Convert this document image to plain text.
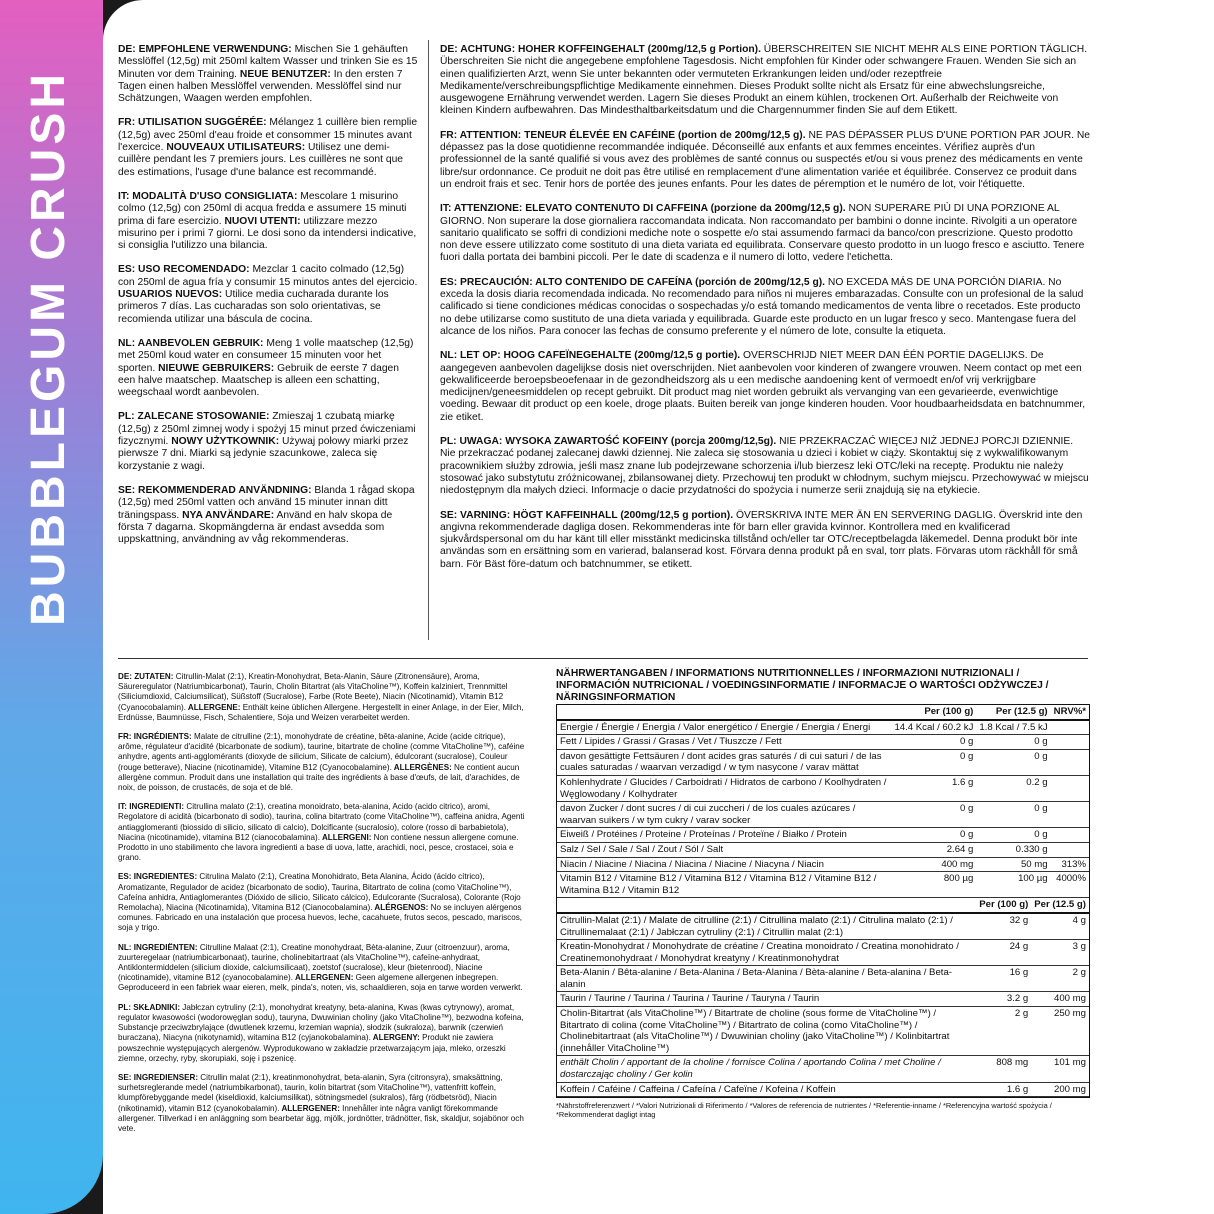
BUBBLEGUM CRUSH
DE: EMPFOHLENE VERWENDUNG: Mischen Sie 1 gehäuften Messlöffel (12,5g) mit 250ml kaltem Wasser und trinken Sie es 15 Minuten vor dem Training. NEUE BENUTZER: In den ersten 7 Tagen einen halben Messlöffel verwenden. Messlöffel sind nur Schätzungen, Waagen werden empfohlen.
FR: UTILISATION SUGGÉRÉE: Mélangez 1 cuillère bien remplie (12,5g) avec 250ml d'eau froide et consommer 15 minutes avant l'exercice. NOUVEAUX UTILISATEURS: Utilisez une demi-cuillère pendant les 7 premiers jours. Les cuillères ne sont que des estimations, l'usage d'une balance est recommandé.
IT: MODALITÀ D'USO CONSIGLIATA: Mescolare 1 misurino colmo (12,5g) con 250ml di acqua fredda e assumere 15 minuti prima di fare esercizio. NUOVI UTENTI: utilizzare mezzo misurino per i primi 7 giorni. Le dosi sono da intendersi indicative, si consiglia l'utilizzo una bilancia.
ES: USO RECOMENDADO: Mezclar 1 cacito colmado (12,5g) con 250ml de agua fría y consumir 15 minutos antes del ejercicio. USUARIOS NUEVOS: Utilice media cucharada durante los primeros 7 días. Las cucharadas son solo orientativas, se recomienda utilizar una báscula de cocina.
NL: AANBEVOLEN GEBRUIK: Meng 1 volle maatschep (12,5g) met 250ml koud water en consumeer 15 minuten voor het sporten. NIEUWE GEBRUIKERS: Gebruik de eerste 7 dagen een halve maatschep. Maatschep is alleen een schatting, weegschaal wordt aanbevolen.
PL: ZALECANE STOSOWANIE: Zmieszaj 1 czubatą miarkę (12,5g) z 250ml zimnej wody i spożyj 15 minut przed ćwiczeniami fizycznymi. NOWY UŻYTKOWNIK: Używaj połowy miarki przez pierwsze 7 dni. Miarki są jedynie szacunkowe, zaleca się korzystanie z wagi.
SE: REKOMMENDERAD ANVÄNDNING: Blanda 1 rågad skopa (12,5g) med 250ml vatten och använd 15 minuter innan ditt träningspass. NYA ANVÄNDARE: Använd en halv skopa de första 7 dagarna. Skopmängderna är endast avsedda som uppskattning, användning av våg rekommenderas.
DE: ACHTUNG: HOHER KOFFEINGEHALT (200mg/12,5 g Portion). ÜBERSCHREITEN SIE NICHT MEHR ALS EINE PORTION TÄGLICH. Überschreiten Sie nicht die angegebene empfohlene Tagesdosis. Nicht empfohlen für Kinder oder schwangere Frauen. Wenden Sie sich an einen qualifizierten Arzt, wenn Sie unter bekannten oder vermuteten Erkrankungen leiden und/oder rezeptfreie Medikamente/verschreibungspflichtige Medikamente einnehmen. Dieses Produkt sollte nicht als Ersatz für eine abwechslungsreiche, ausgewogene Ernährung verwendet werden. Lagern Sie dieses Produkt an einem kühlen, trockenen Ort. Außerhalb der Reichweite von kleinen Kindern aufbewahren. Das Mindesthaltbarkeitsdatum und die Chargennummer finden Sie auf dem Etikett.
FR: ATTENTION: TENEUR ÉLEVÉE EN CAFÉINE (portion de 200mg/12,5 g). NE PAS DÉPASSER PLUS D'UNE PORTION PAR JOUR. Ne dépassez pas la dose quotidienne recommandée indiquée. Déconseillé aux enfants et aux femmes enceintes. Vérifiez auprès d'un professionnel de la santé qualifié si vous avez des problèmes de santé connus ou suspectés et/ou si vous prenez des médicaments en vente libre/sur ordonnance. Ce produit ne doit pas être utilisé en remplacement d'une alimentation variée et équilibrée. Conservez ce produit dans un endroit frais et sec. Tenir hors de portée des jeunes enfants. Pour les dates de péremption et le numéro de lot, voir l'étiquette.
IT: ATTENZIONE: ELEVATO CONTENUTO DI CAFFEINA (porzione da 200mg/12,5 g). NON SUPERARE PIÙ DI UNA PORZIONE AL GIORNO. Non superare la dose giornaliera raccomandata indicata. Non raccomandato per bambini o donne incinte. Rivolgiti a un operatore sanitario qualificato se soffri di condizioni mediche note o sospette e/o stai assumendo farmaci da banco/con prescrizione. Questo prodotto non deve essere utilizzato come sostituto di una dieta variata ed equilibrata. Conservare questo prodotto in un luogo fresco e asciutto. Tenere fuori dalla portata dei bambini piccoli. Per le date di scadenza e il numero di lotto, vedere l'etichetta.
ES: PRECAUCIÓN: ALTO CONTENIDO DE CAFEÍNA (porción de 200mg/12,5 g). NO EXCEDA MÁS DE UNA PORCIÓN DIARIA. No exceda la dosis diaria recomendada indicada. No recomendado para niños ni mujeres embarazadas. Consulte con un profesional de la salud calificado si tiene condiciones médicas conocidas o sospechadas y/o está tomando medicamentos de venta libre o recetados. Este producto no debe utilizarse como sustituto de una dieta variada y equilibrada. Guarde este producto en un lugar fresco y seco. Mantengase fuera del alcance de los niños. Para conocer las fechas de consumo preferente y el número de lote, consulte la etiqueta.
NL: LET OP: HOOG CAFEÏNEGEHALTE (200mg/12,5 g portie). OVERSCHRIJD NIET MEER DAN ÉÉN PORTIE DAGELIJKS. De aangegeven aanbevolen dagelijkse dosis niet overschrijden. Niet aanbevolen voor kinderen of zwangere vrouwen. Neem contact op met een gekwalificeerde beroepsbeoefenaar in de gezondheidszorg als u een medische aandoening kent of vermoedt en/of vrij verkrijgbare medicijnen/geneesmiddelen op recept gebruikt. Dit product mag niet worden gebruikt als vervanging van een gevarieerde, evenwichtige voeding. Bewaar dit product op een koele, droge plaats. Buiten bereik van jonge kinderen houden. Voor houdbaarheidsdata en batchnummer, zie etiket.
PL: UWAGA: WYSOKA ZAWARTOŚĆ KOFEINY (porcja 200mg/12,5g). NIE PRZEKRACZAĆ WIĘCEJ NIŻ JEDNEJ PORCJI DZIENNIE. Nie przekraczać podanej zalecanej dawki dziennej. Nie zaleca się stosowania u dzieci i kobiet w ciąży. Skontaktuj się z wykwalifikowanym pracownikiem służby zdrowia, jeśli masz znane lub podejrzewane schorzenia i/lub bierzesz leki OTC/leki na receptę. Produktu nie należy stosować jako substytutu zróżnicowanej, zbilansowanej diety. Przechowuj ten produkt w chłodnym, suchym miejscu. Przechowywać w miejscu niedostępnym dla małych dzieci. Informacje o dacie przydatności do spożycia i numerze serii znajdują się na etykiecie.
SE: VARNING: HÖGT KAFFEINHALL (200mg/12,5 g portion). ÖVERSKRIVA INTE MER ÄN EN SERVERING DAGLIG. Överskrid inte den angivna rekommenderade dagliga dosen. Rekommenderas inte för barn eller gravida kvinnor. Kontrollera med en kvalificerad sjukvårdspersonal om du har känt till eller misstänkt medicinska tillstånd och/eller tar OTC/receptbelagda läkemedel. Denna produkt bör inte användas som en ersättning som en varierad, balanserad kost. Förvara denna produkt på en sval, torr plats. Förvaras utom räckhåll för små barn. För Bäst före-datum och batchnummer, se etikett.
DE: ZUTATEN: Citrullin-Malat (2:1), Kreatin-Monohydrat, Beta-Alanin, Säure (Zitronensäure), Aroma, Säureregulator (Natriumbicarbonat), Taurin, Cholin Bitartrat (als VitaCholine™), Koffein kalziniert, Trennmittel (Siliciumdioxid, Calciumsilicat), Süßstoff (Sucralose), Farbe (Rote Beete), Niacin (Nicotinamid), Vitamin B12 (Cyanocobalamin). ALLERGENE: Enthält keine üblichen Allergene. Hergestellt in einer Anlage, in der Eier, Milch, Erdnüsse, Baumnüsse, Fisch, Schalentiere, Soja und Weizen verarbeitet werden.
FR: INGRÉDIENTS: Malate de citrulline (2:1), monohydrate de créatine, bêta-alanine, Acide (acide citrique), arôme, régulateur d'acidité (bicarbonate de sodium), taurine, bitartrate de choline (comme VitaCholine™), caféine anhydre, agents anti-agglomérants (dioxyde de silicium, Silicate de calcium), édulcorant (sucralose), Couleur (rouge betterave), Niacine (nicotinamide), Vitamine B12 (Cyanocobalamine). ALLERGÈNES: Ne contient aucun allergène commun. Produit dans une installation qui traite des ingrédients à base d'œufs, de lait, d'arachides, de noix, de poisson, de crustacés, de soja et de blé.
IT: INGREDIENTI: Citrullina malato (2:1), creatina monoidrato, beta-alanina, Acido (acido citrico), aromi, Regolatore di acidità (bicarbonato di sodio), taurina, colina bitartrato (come VitaCholine™), caffeina anidra, Agenti antiagglomeranti (biossido di silicio, silicato di calcio), Dolcificante (sucralosio), colore (rosso di barbabietola), Niacina (nicotinamide), vitamina B12 (cianocobalamina). ALLERGENI: Non contiene nessun allergene comune. Prodotto in uno stabilimento che lavora ingredienti a base di uova, latte, arachidi, noci, pesce, crostacei, soia e grano.
ES: INGREDIENTES: Citrulina Malato (2:1), Creatina Monohidrato, Beta Alanina, Ácido (ácido cítrico), Aromatizante, Regulador de acidez (bicarbonato de sodio), Taurina, Bitartrato de colina (como VitaCholine™), Cafeína anhidra, Antiaglomerantes (Dióxido de silicio, Silicato cálcico), Edulcorante (Sucralosa), Colorante (Rojo Remolacha), Niacina (Nicotinamida), Vitamina B12 (Cianocobalamina). ALÉRGENOS: No se incluyen alérgenos comunes. Fabricado en una instalación que procesa huevos, leche, cacahuete, frutos secos, pescado, mariscos, soja y trigo.
NL: INGREDIËNTEN: Citrulline Malaat (2:1), Creatine monohydraat, Bèta-alanine, Zuur (citroenzuur), aroma, zuurteregelaar (natriumbicarbonaat), taurine, cholinebitartraat (als VitaCholine™), cafeïne-anhydraat, Antiklontermiddelen (silicium dioxide, calciumsilicaat), zoetstof (sucralose), kleur (bietenrood), Niacine (nicotinamide), vitamine B12 (cyanocobalamine). ALLERGENEN: Geen algemene allergenen inbegrepen. Geproduceerd in een fabriek waar eieren, melk, pinda's, noten, vis, schaaldieren, soja en tarwe worden verwerkt.
PL: SKŁADNIKI: Jabłczan cytruliny (2:1), monohydrat kreatyny, beta-alanina, Kwas (kwas cytrynowy), aromat, regulator kwasowości (wodorowęglan sodu), tauryna, Dwuwinian choliny (jako VitaCholine™), bezwodna kofeina, Substancje przeciwzbrylające (dwutlenek krzemu, krzemian wapnia), słodzik (sukraloza), barwnik (czerwień buraczana), Niacyna (nikotynamid), witamina B12 (cyjanokobalamina). ALERGENY: Produkt nie zawiera powszechnie występujących alergenów. Wyprodukowano w zakładzie przetwarzającym jaja, mleko, orzeszki ziemne, orzechy, ryby, skorupiaki, soję i pszenicę.
SE: INGREDIENSER: Citrullin malat (2:1), kreatinmonohydrat, beta-alanin, Syra (citronsyra), smaksättning, surhetsreglerande medel (natriumbikarbonat), taurin, kolin bitartrat (som VitaCholine™), vattenfritt koffein, klumpförebyggande medel (kiseldioxid, kalciumsilikat), sötningsmedel (sukralos), färg (rödbetsröd), Niacin (nikotinamid), vitamin B12 (cyanokobalamin). ALLERGENER: Innehåller inte några vanligt förekommande allergener. Tillverkad i en anläggning som bearbetar ägg, mjölk, jordnötter, trädnötter, fisk, skaldjur, sojabönor och vete.
NÄHRWERTANGABEN / INFORMATIONS NUTRITIONNELLES / INFORMAZIONI NUTRIZIONALI / INFORMACIÓN NUTRICIONAL / VOEDINGSINFORMATIE / INFORMACJE O WARTOŚCI ODŻYWCZEJ / NÄRINGSINFORMATION
	Per (100 g)	Per (12.5 g)	NRV%*
Energie / Énergie / Energia / Valor energético / Energie / Energia / Energi	14.4 Kcal / 60.2 kJ	1.8 Kcal / 7.5 kJ	
Fett / Lipides / Grassi / Grasas / Vet / Tłuszcze / Fett	0 g	0 g	
davon gesättigte Fettsäuren / dont acides gras saturés / di cui saturi / de las cuales saturadas / waarvan verzadigd / w tym nasycone / varav mättat	0 g	0 g	
Kohlenhydrate / Glucides / Carboidrati / Hidratos de carbono / Koolhydraten / Węglowodany / Kolhydrater	1.6 g	0.2 g	
davon Zucker / dont sucres / di cui zuccheri / de los cuales azúcares / waarvan suikers / w tym cukry / varav socker	0 g	0 g	
Eiweiß / Protéines / Proteine / Proteínas / Proteïne / Białko / Protein	0 g	0 g	
Salz / Sel / Sale / Sal / Zout / Sól / Salt	2.64 g	0.330 g	
Niacin / Niacine / Niacina / Niacina / Niacine / Niacyna / Niacin	400 mg	50 mg	313%
Vitamin B12 / Vitamine B12 / Vitamina B12 / Vitamina B12 / Vitamine B12 / Witamina B12 / Vitamin B12	800 µg	100 µg	4000%
	Per (100 g)	Per (12.5 g)
Citrullin-Malat (2:1) / Malate de citrulline (2:1) / Citrullina malato (2:1) / Citrulina malato (2:1) / Citrullinemalaat (2:1) / Jabłczan cytruliny (2:1) / Citrullin malat (2:1)	32 g	4 g
Kreatin-Monohydrat / Monohydrate de créatine / Creatina monoidrato / Creatina monohidrato / Creatinemonohydraat / Monohydrat kreatyny / Kreatinmonohydrat	24 g	3 g
Beta-Alanin / Bêta-alanine / Beta-Alanina / Beta-Alanina / Bèta-alanine / Beta-alanina / Beta-alanin	16 g	2 g
Taurin / Taurine / Taurina / Taurina / Taurine / Tauryna / Taurin	3.2 g	400 mg
Cholin-Bitartrat (als VitaCholine™) / Bitartrate de choline (sous forme de VitaCholine™) / Bitartrato di colina (come VitaCholine™) / Bitartrato de colina (como VitaCholine™) / Cholinebitartraat (als VitaCholine™) / Dwuwinian choliny (jako VitaCholine™) / Kolinbitartrat (innehåller VitaCholine™)	2 g	250 mg
enthält Cholin / apportant de la choline / fornisce Colina / aportando Colina / met Choline / dostarczając choliny / Ger kolin	808 mg	101 mg
Koffein / Caféine / Caffeina / Cafeína / Cafeïne / Kofeina / Koffein	1.6 g	200 mg
*Nährstoffreferenzwert / *Valori Nutrizionali di Riferimento / *Valores de referencia de nutrientes / *Referentie-inname / *Referencyjna wartość spożycia / *Rekommenderat dagligt intag
